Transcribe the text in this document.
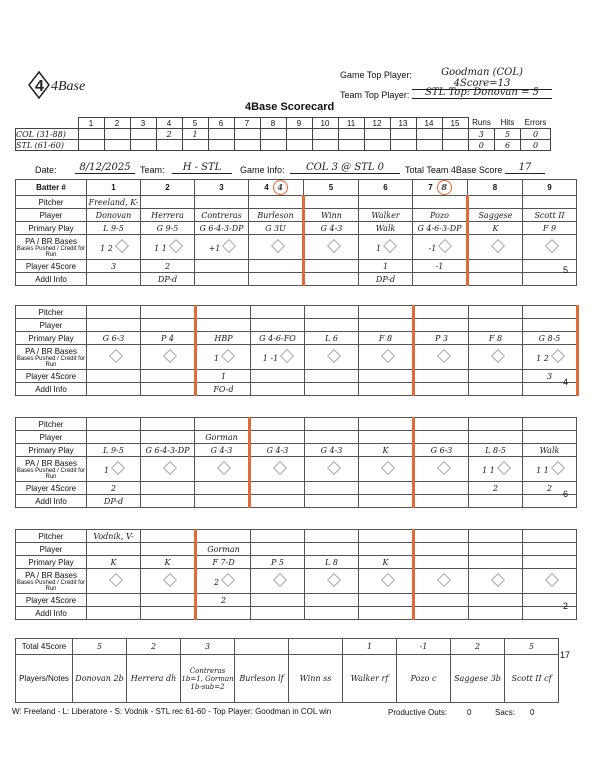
4 4Base
Game Top Player:	Goodman (COL) 4Score=13
4Base Scorecard
Team Top Player:	STL Top: Donovan = 5
	1	2	3	4	5	6	7	8	9	10	11	12	13	14	15	Runs	Hits	Errors
COL (31-88)				2	1											3	5	0
STL (61-60)																0	6	0
Date:	8/12/2025	Team:	H - STL	Game Info:	COL 3 @ STL 0	Total Team 4Base Score	17
Batter #	1	2	3	4 4	5	6	7 8	8	9

Pitcher	Freeland, K-								

Player	Donovan	Herrera	Contreras	Burleson	Winn	Walker	Pozo	Saggese	Scott II

Primary Play	L 9-5	G 9-5	G 6-4-3-DP	G 3U	G 4-3	Walk	G 4-6-3-DP	K	F 9

PA / BR Bases
Bases Pushed / Credit for Run	1 2	1 1	+1			1	-1		

Player 4Score	3	2				1	-1		

Addl Info		DP-d				DP-d			
5
Pitcher									

Player									

Primary Play	G 6-3	P 4	HBP	G 4-6-FO	L 6	F 8	P 3	F 8	G 8-5

PA / BR Bases
Bases Pushed / Credit for Run			1	1 -1					1 2

Player 4Score			1						3

Addl Info			FO-d						
4
Pitcher									

Player			Gorman						

Primary Play	L 9-5	G 6-4-3-DP	G 4-3	G 4-3	G 4-3	K	G 6-3	L 8-5	Walk

PA / BR Bases
Bases Pushed / Credit for Run	1							1 1	1 1

Player 4Score	2							2	2

Addl Info	DP-d								
6
Pitcher	Vodnik, V-								

Player			Gorman						

Primary Play	K	K	F 7-D	P 5	L 8	K			

PA / BR Bases
Bases Pushed / Credit for Run			2						

Player 4Score			2						

Addl Info									

2
Total 4Score	5	2	3			1	-1	2	5
Players/Notes	Donovan 2b	Herrera dh	Contreras 1b=1, Gorman 1b-sub=2	Burleson lf	Winn ss	Walker rf	Pozo c	Saggese 3b	Scott II cf
17
W: Freeland - L: Liberatore - S: Vodnik - STL rec 61-60 - Top Player: Goodman in COL win	Productive Outs: 0	Sacs: 0
